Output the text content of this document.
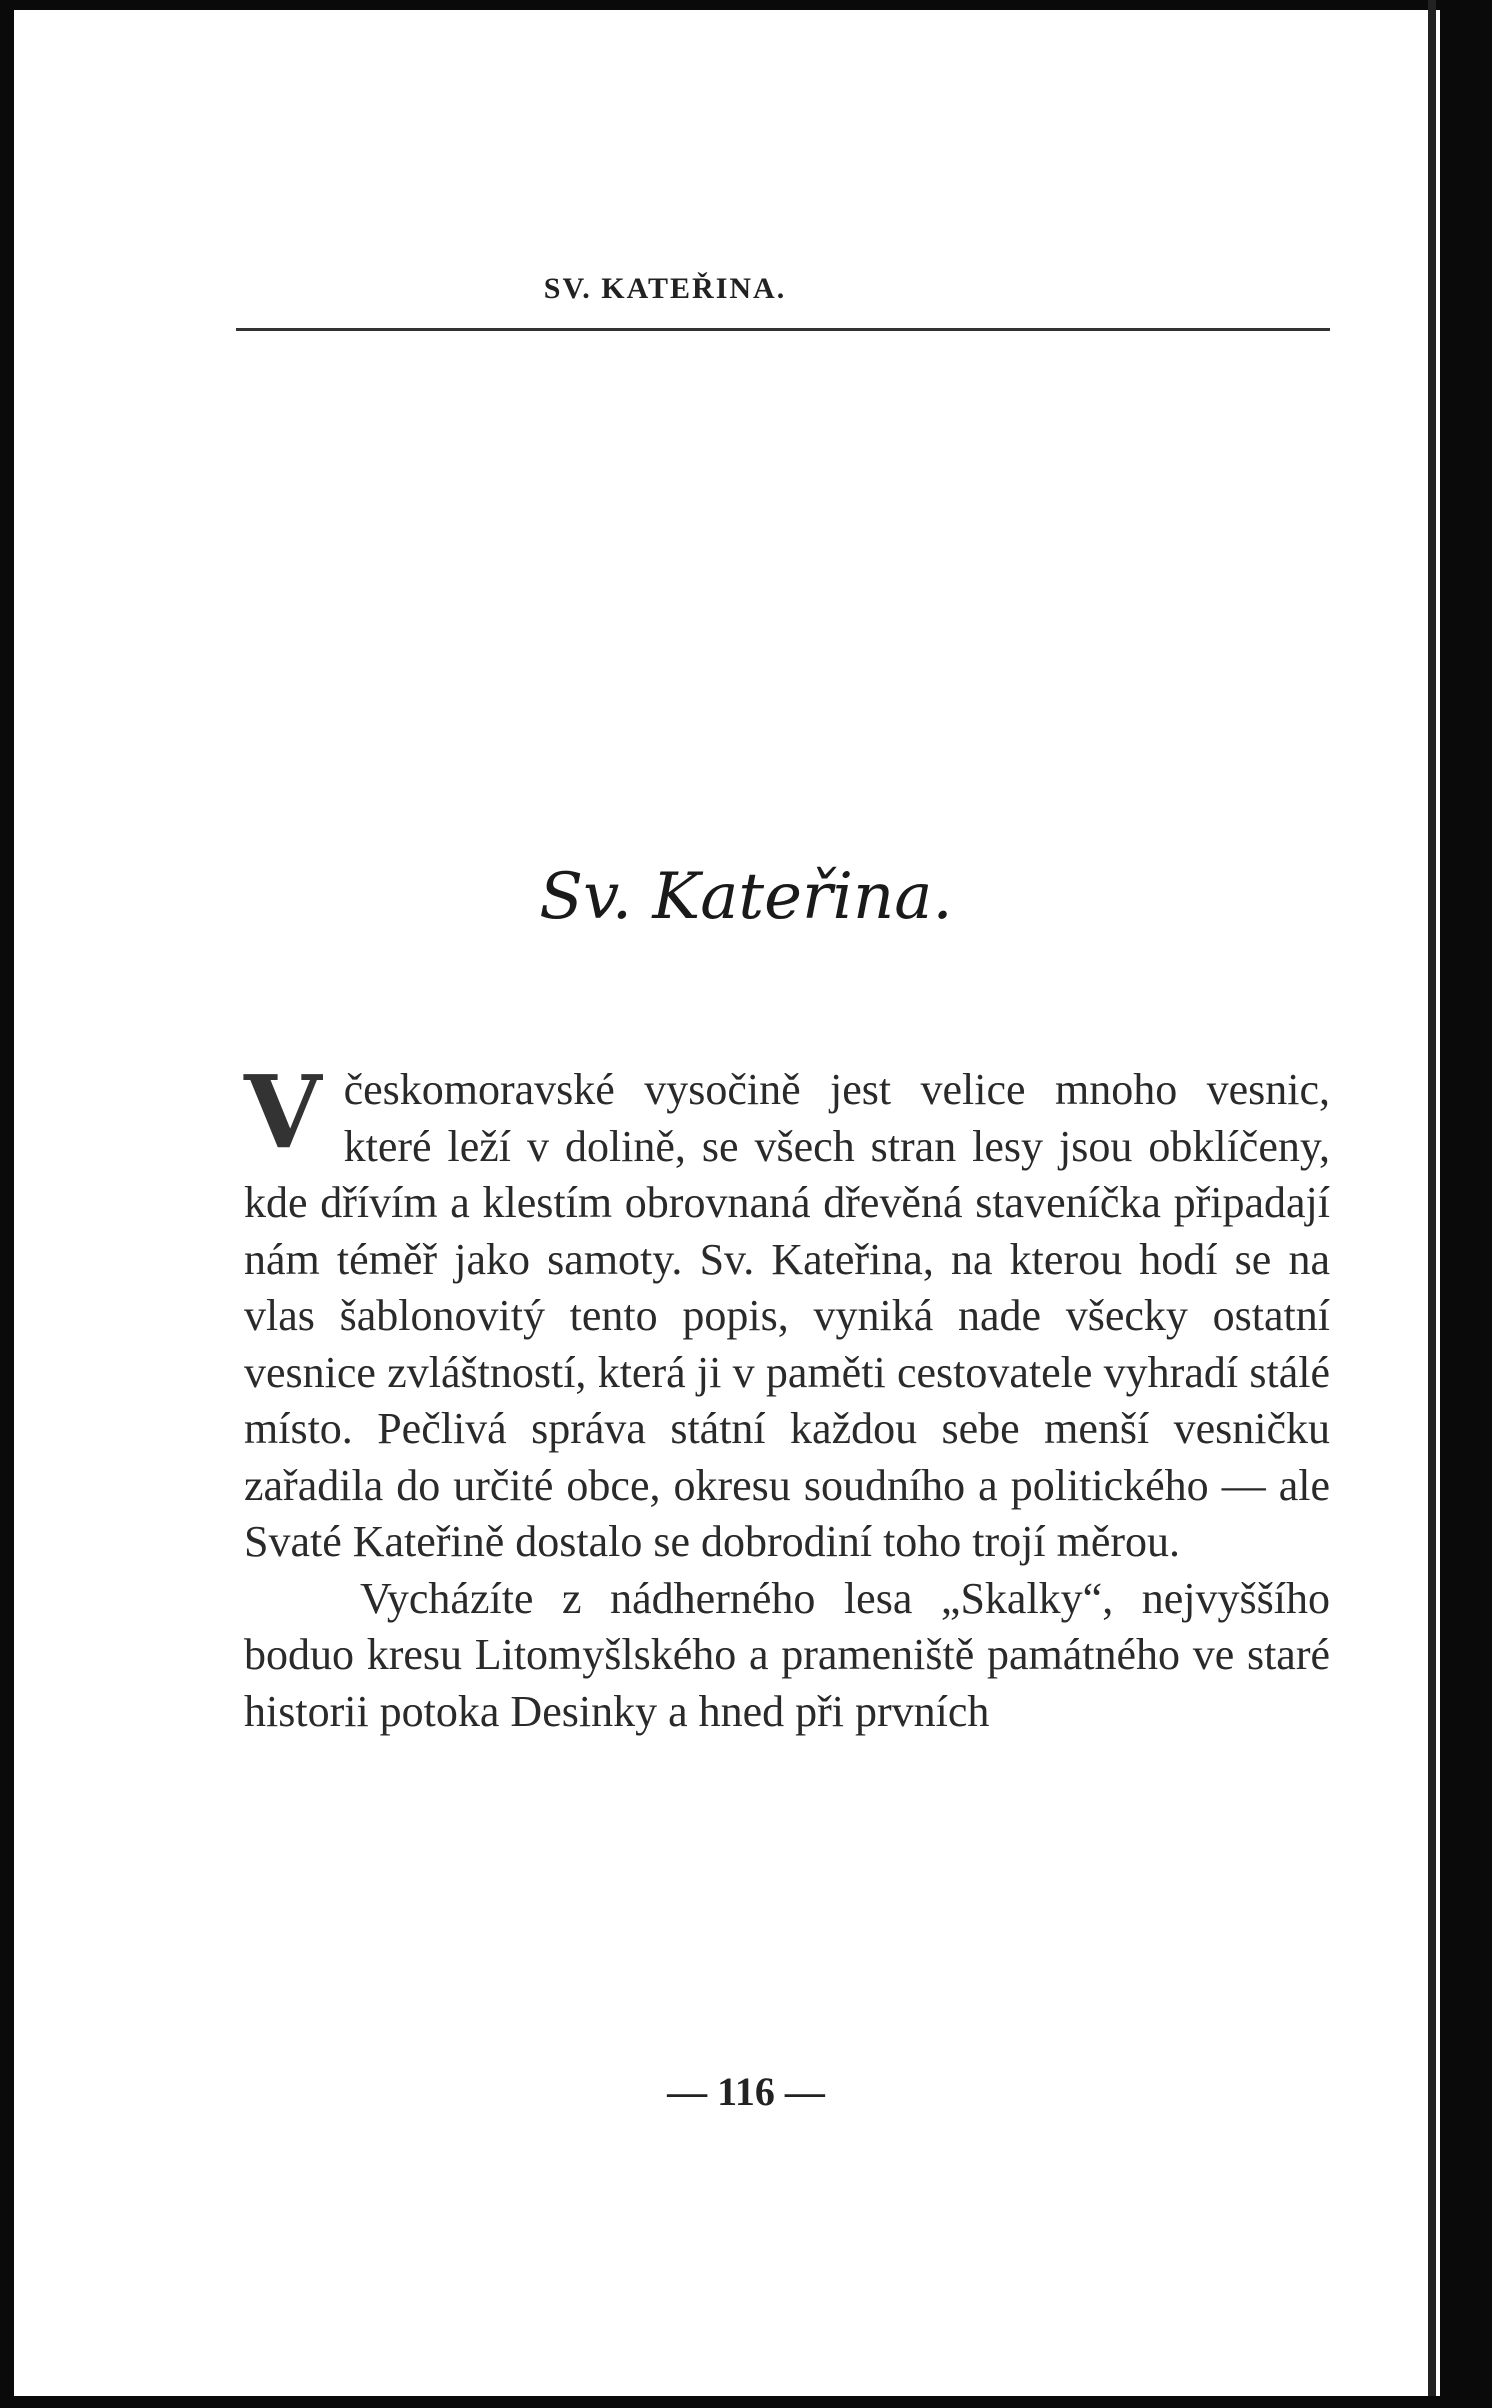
SV. KATEŘINA.
Sv. Kateřina.

Včeskomoravské vysočině jest velice mnoho vesnic, které leží v dolině, se všech stran lesy jsou obklíčeny, kde dřívím a klestím obrovnaná dřevěná staveníčka připadají nám téměř jako samoty. Sv. Kateřina, na kterou hodí se na vlas šablonovitý tento popis, vyniká nade všecky ostatní vesnice zvláštností, která ji v paměti cestovatele vyhradí stálé místo. Pečlivá správa státní každou sebe menší vesničku zařadila do určité obce, okresu soudního a politického — ale Svaté Kateřině dostalo se dobrodiní toho trojí měrou.

Vycházíte z nádherného lesa „Skalky“, nejvyššího boduo kresu Litomyšlského a prameniště památného ve staré historii potoka Desinky a hned při prvních

— 116 —
